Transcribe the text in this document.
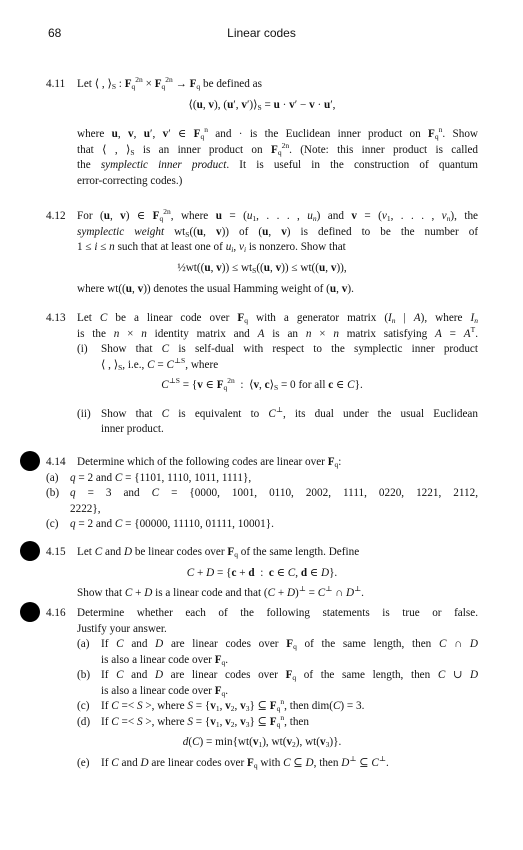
68	Linear codes
4.11 Let ⟨ , $⟩_S$ : $F_q^{2n} \times F_q^{2n} \to F_q$ be defined as
⟨(u, v), (u′, $v')⟩_S = u \cdot v' - v \cdot u'$,
where u, v, u′, v′ ∈ $F_q^n$ and · is the Euclidean inner product on $F_q^n$. Show
that ⟨ , $⟩_S$ is an inner product on $F_q^{2n}$. (Note: this inner product is called
the symplectic inner product. It is useful in the construction of quantum
error-correcting codes.)
4.12 For (u, v) ∈ $F_q^{2n}$, where $u = (u_1$, . . . , $u_n$) and $v = (v_1$, . . . , $v_n$), the
symplectic weight $wt_S((u$, v)) of (u, v) is defined to be the number of
1 ≤ i ≤ n such that at least one of $u_i$, $v_i$ is nonzero. Show that
½wt((u, $v)) \le wt_S((u$, v)) ≤ wt((u, v)),
where wt((u, v)) denotes the usual Hamming weight of (u, v).
4.13 Let C be a linear code over $F_q$ with a generator matrix ($I_n$ | A), where $I_n$
is the n × n identity matrix and A is an n × n matrix satisfying $A = A^T$.
(i) Show that C is self-dual with respect to the symplectic inner product
⟨ , $⟩_S$, i.e., $C = C^{\perp S}$, where
$C^{\perp S} = \{v$ ∈ $F_q^{2n}$  :  ⟨v, $c⟩_S = 0$ for all c ∈ C}.
(ii) Show that C is equivalent to C⊥, its dual under the usual Euclidean
inner product.
4.14 Determine which of the following codes are linear over $F_q$:
(a) q = 2 and C = {1101, 1110, 1011, 1111},
(b) q = 3 and C = {0000, 1001, 0110, 2002, 1111, 0220, 1221, 2112,
2222},
(c) q = 2 and C = {00000, 11110, 01111, 10001}.
4.15 Let C and D be linear codes over $F_q$ of the same length. Define
C + D = {c + d  :  c ∈ C, d ∈ D}.
Show that C + D is a linear code and that (C + D)⊥ = C⊥ ∩ D⊥.
4.16 Determine whether each of the following statements is true or false.
Justify your answer.
(a) If C and D are linear codes over $F_q$ of the same length, then C ∩ D
is also a linear code over $F_q$.
(b) If C and D are linear codes over $F_q$ of the same length, then C ∪ D
is also a linear code over $F_q$.
(c) If C =< S >, where $S = \{v_1$, $v_2$, $v_3$} ⊆ $F_q^n$, then dim(C) = 3.
(d) If C =< S >, where $S = \{v_1$, $v_2$, $v_3$} ⊆ $F_q^n$, then
$d(C) = \min\{wt(v_1)$, $wt(v_2)$, $wt(v_3)$}.
(e) If C and D are linear codes over $F_q$ with C ⊆ D, then D⊥ ⊆ C⊥.
